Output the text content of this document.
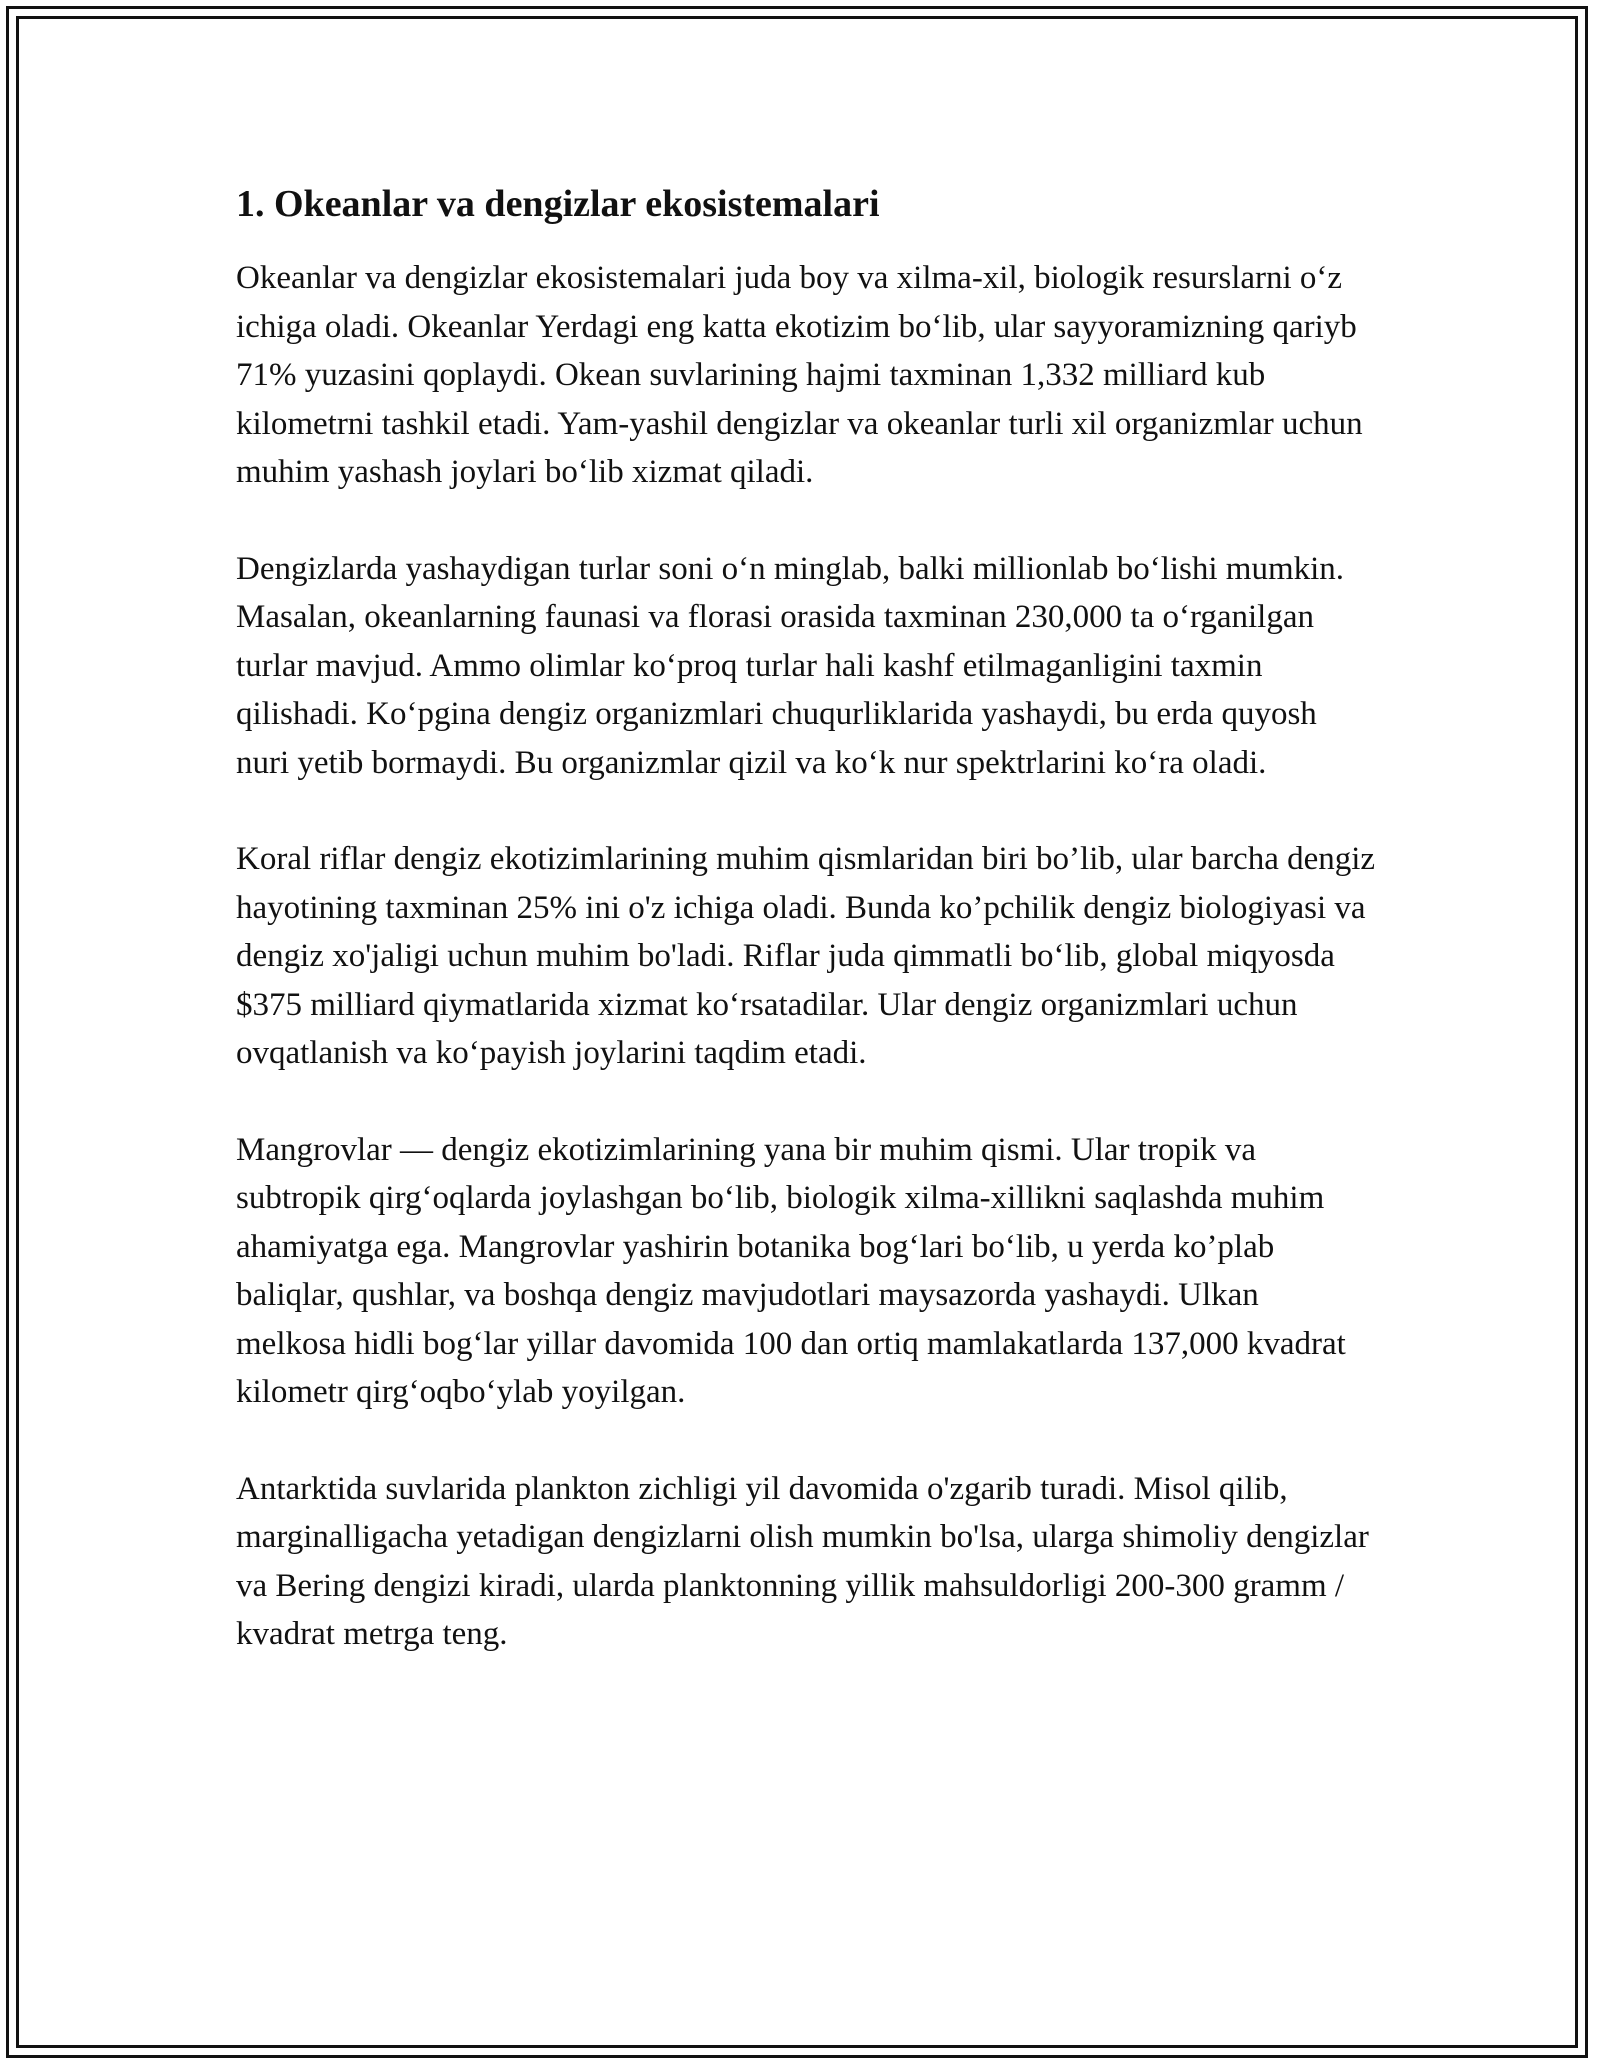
1. Okeanlar va dengizlar ekosistemalari

Okeanlar va dengizlar ekosistemalari juda boy va xilma-xil, biologik resurslarni o‘z ichiga oladi. Okeanlar Yerdagi eng katta ekotizim bo‘lib, ular sayyoramizning qariyb 71% yuzasini qoplaydi. Okean suvlarining hajmi taxminan 1,332 milliard kub kilometrni tashkil etadi. Yam-yashil dengizlar va okeanlar turli xil organizmlar uchun muhim yashash joylari bo‘lib xizmat qiladi.

Dengizlarda yashaydigan turlar soni o‘n minglab, balki millionlab bo‘lishi mumkin. Masalan, okeanlarning faunasi va florasi orasida taxminan 230,000 ta o‘rganilgan turlar mavjud. Ammo olimlar ko‘proq turlar hali kashf etilmaganligini taxmin qilishadi. Ko‘pgina dengiz organizmlari chuqurliklarida yashaydi, bu erda quyosh nuri yetib bormaydi. Bu organizmlar qizil va ko‘k nur spektrlarini ko‘ra oladi.

Koral riflar dengiz ekotizimlarining muhim qismlaridan biri bo’lib, ular barcha dengiz hayotining taxminan 25% ini o'z ichiga oladi. Bunda ko’pchilik dengiz biologiyasi va dengiz xo'jaligi uchun muhim bo'ladi. Riflar juda qimmatli bo‘lib, global miqyosda $375 milliard qiymatlarida xizmat ko‘rsatadilar. Ular dengiz organizmlari uchun ovqatlanish va ko‘payish joylarini taqdim etadi.

Mangrovlar — dengiz ekotizimlarining yana bir muhim qismi. Ular tropik va subtropik qirg‘oqlarda joylashgan bo‘lib, biologik xilma-xillikni saqlashda muhim ahamiyatga ega. Mangrovlar yashirin botanika bog‘lari bo‘lib, u yerda ko’plab baliqlar, qushlar, va boshqa dengiz mavjudotlari maysazorda yashaydi. Ulkan melkosa hidli bog‘lar yillar davomida 100 dan ortiq mamlakatlarda 137,000 kvadrat kilometr qirg‘oqbo‘ylab yoyilgan.

Antarktida suvlarida plankton zichligi yil davomida o'zgarib turadi. Misol qilib, marginalligacha yetadigan dengizlarni olish mumkin bo'lsa, ularga shimoliy dengizlar va Bering dengizi kiradi, ularda planktonning yillik mahsuldorligi 200-300 gramm / kvadrat metrga teng.
